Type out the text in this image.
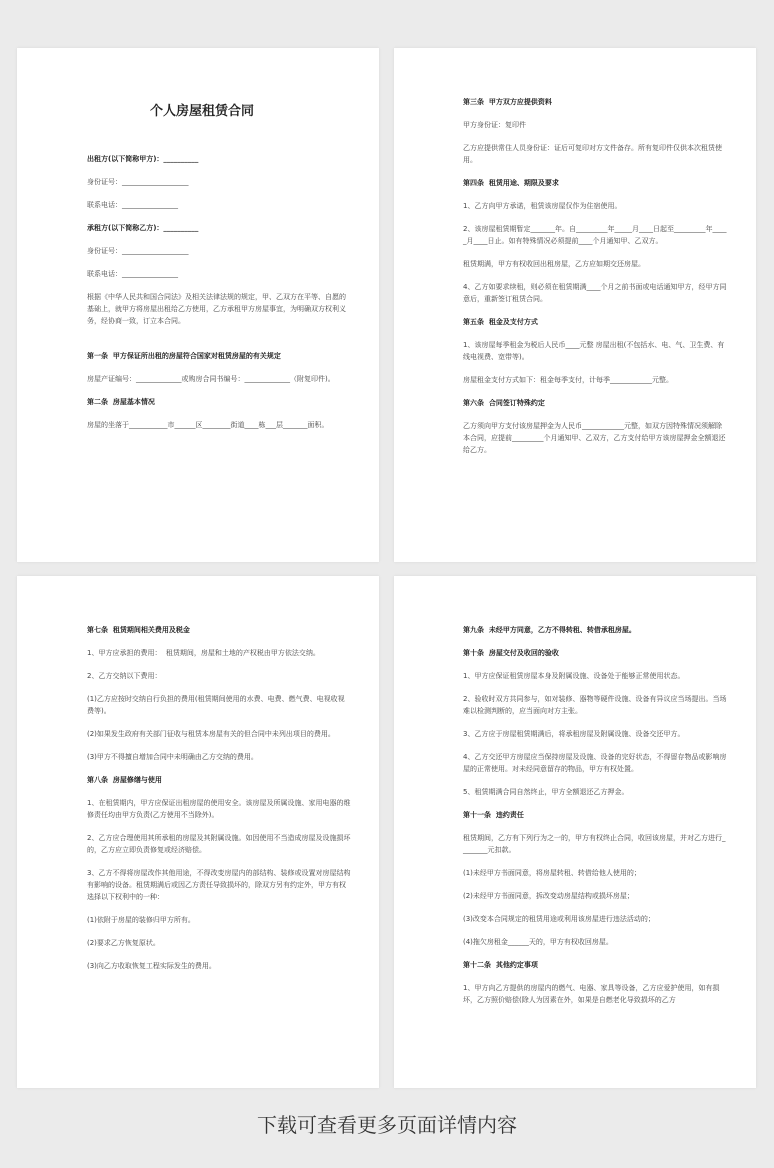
个人房屋租赁合同
出租方(以下简称甲方)：__________
身份证号：___________________
联系电话：________________
承租方(以下简称乙方)：__________
身份证号：___________________
联系电话：________________
根据《中华人民共和国合同法》及相关法律法规的规定，甲、乙双方在平等、自愿的基础上，就甲方将房屋出租给乙方使用，乙方承租甲方房屋事宜，为明确双方权利义务，经协商一致，订立本合同。
第一条  甲方保证所出租的房屋符合国家对租赁房屋的有关规定
房屋产证编号：_____________或购房合同书编号：_____________（附复印件)。
第二条  房屋基本情况
房屋的坐落于___________市______区________街道____栋___层_______面积。
第三条  甲方双方应提供资料
甲方身份证：复印件
乙方应提供常住人员身份证：证后可复印对方文件备存。所有复印件仅供本次租赁使用。
第四条  租赁用途、期限及要求
1、乙方向甲方承诺，租赁该房屋仅作为住宿使用。
2、该房屋租赁期暂定_______年。自_________年_____月____日起至_________年_____月____日止。如有特殊情况必须提前____个月通知甲、乙双方。
租赁期满，甲方有权收回出租房屋，乙方应如期交还房屋。
4、乙方如要求续租，则必须在租赁期满____个月之前书面或电话通知甲方，经甲方同意后，重新签订租赁合同。
第五条  租金及支付方式
1、该房屋每季租金为税后人民币____元整 房屋出租(不包括水、电、气、卫生费、有线电视费、宽带等)。
房屋租金支付方式如下：租金每季支付，计每季____________元整。
第六条  合同签订特殊约定
乙方须向甲方支付该房屋押金为人民币____________元整，如双方因特殊情况须解除本合同，应提前_________个月通知甲、乙双方，乙方支付给甲方该房屋押金全额退还给乙方。
第七条  租赁期间相关费用及税金
1、甲方应承担的费用：  租赁期间，房屋和土地的产权税由甲方依法交纳。
2、乙方交纳以下费用：
(1)乙方应按时交纳自行负担的费用(租赁期间使用的水费、电费、燃气费、电视收视费等)。
(2)如果发生政府有关部门征收与租赁本房屋有关的但合同中未列出项目的费用。
(3)甲方不得擅自增加合同中未明确由乙方交纳的费用。
第八条  房屋修缮与使用
1、在租赁期内，甲方应保证出租房屋的使用安全。该房屋及所属设施、家用电器的维修责任均由甲方负责(乙方使用不当除外)。
2、乙方应合理使用其所承租的房屋及其附属设施。如因使用不当造成房屋及设施损坏的，乙方应立即负责修复或经济赔偿。
3、乙方不得将房屋改作其他用途，不得改变房屋内的部结构、装修或设置对房屋结构有影响的设备。租赁期满后或因乙方责任导致损坏的，除双方另有约定外，甲方有权选择以下权利中的一种：
(1)依附于房屋的装修归甲方所有。
(2)要求乙方恢复原状。
(3)向乙方收取恢复工程实际发生的费用。
第九条  未经甲方同意，乙方不得转租、转借承租房屋。
第十条  房屋交付及收回的验收
1、甲方应保证租赁房屋本身及附属设施、设备处于能够正常使用状态。
2、验收时双方共同参与，如对装修、器物等硬件设施、设备有异议应当场提出。当场难以检测判断的，应当面向对方主张。
3、乙方应于房屋租赁期满后，将承租房屋及附属设施、设备交还甲方。
4、乙方交还甲方房屋应当保持房屋及设施、设备的完好状态，不得留存物品或影响房屋的正常使用。对未经同意留存的物品，甲方有权处置。
5、租赁期满合同自然终止，甲方全额退还乙方押金。
第十一条  违约责任
租赁期间，乙方有下列行为之一的，甲方有权终止合同，收回该房屋，并对乙方进行________元扣款。
(1)未经甲方书面同意，将房屋转租、转借给他人使用的；
(2)未经甲方书面同意，拆改变动房屋结构或损坏房屋；
(3)改变本合同规定的租赁用途或利用该房屋进行违法活动的；
(4)拖欠房租金______天的，甲方有权收回房屋。
第十二条  其他约定事项
1、甲方向乙方提供的房屋内的燃气、电器、家具等设备，乙方应爱护使用，如有损坏，乙方照价赔偿(除人为因素在外，如果是自燃老化导致损坏的乙方
下载可查看更多页面详情内容
